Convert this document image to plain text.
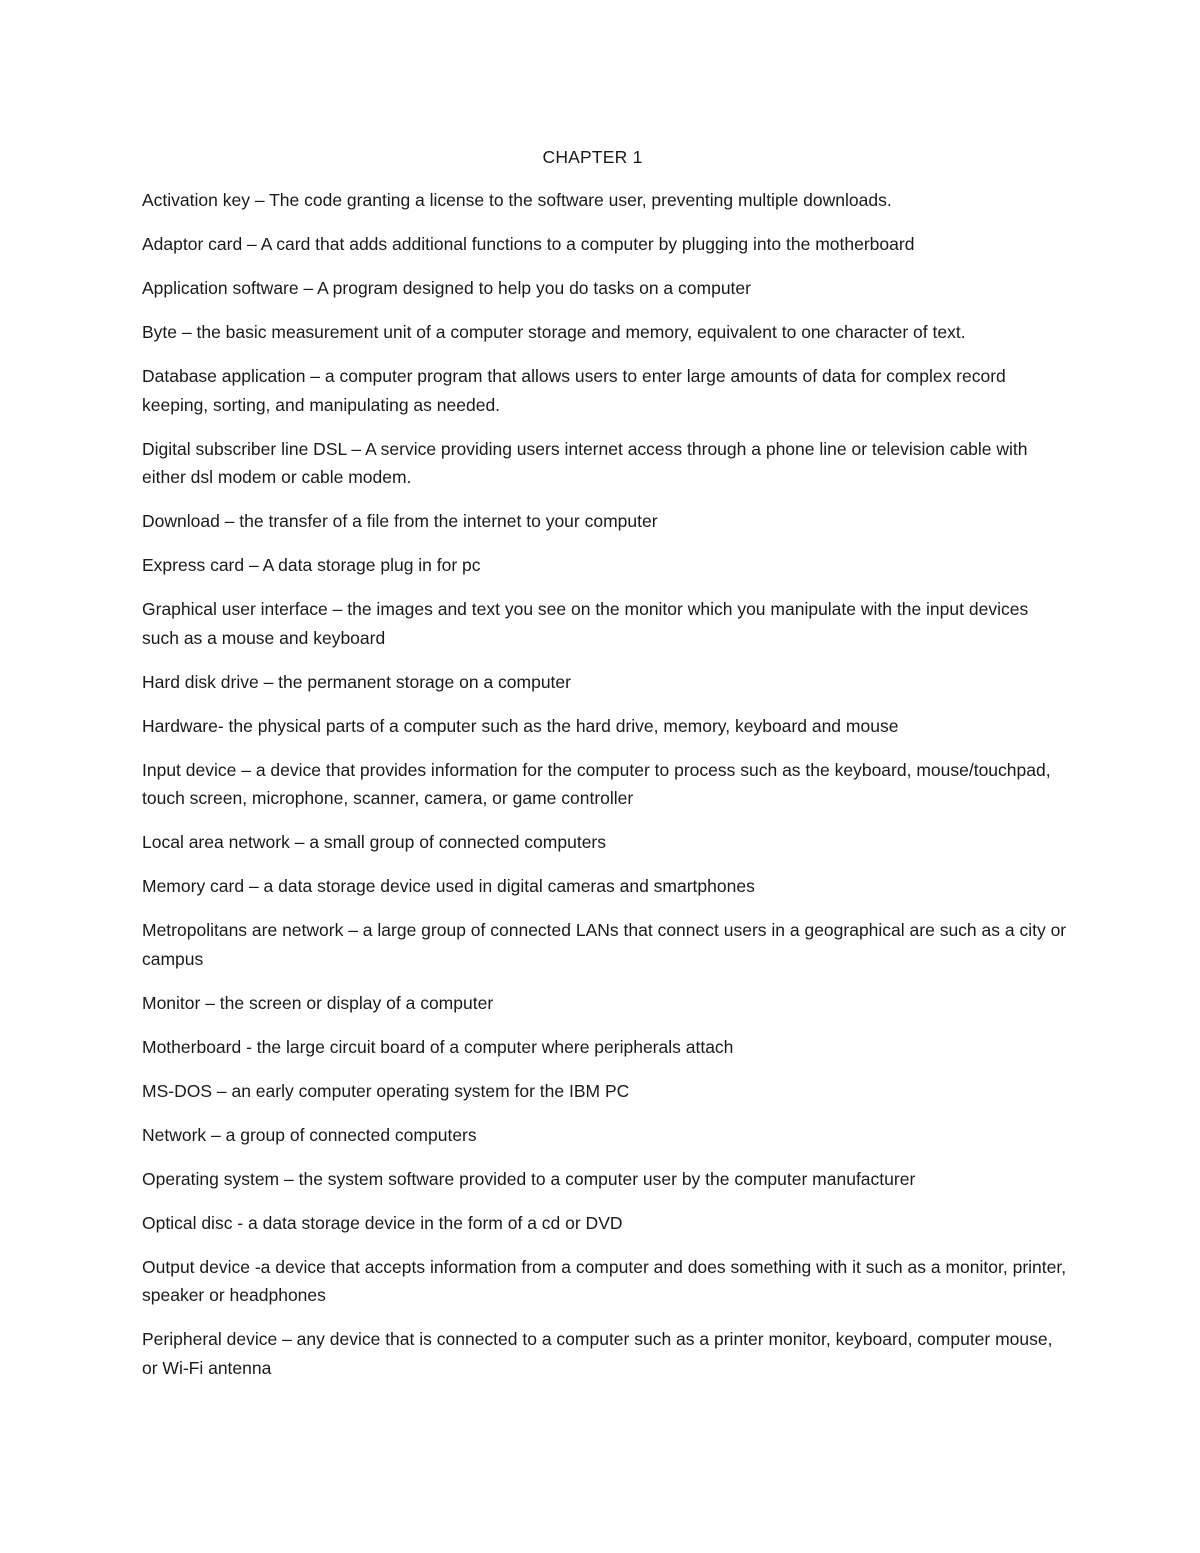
CHAPTER 1

Activation key – The code granting a license to the software user, preventing multiple downloads.

Adaptor card – A card that adds additional functions to a computer by plugging into the motherboard

Application software – A program designed to help you do tasks on a computer

Byte – the basic measurement unit of a computer storage and memory, equivalent to one character of text.

Database application – a computer program that allows users to enter large amounts of data for complex record keeping, sorting, and manipulating as needed.

Digital subscriber line DSL – A service providing users internet access through a phone line or television cable with either dsl modem or cable modem.

Download – the transfer of a file from the internet to your computer

Express card – A data storage plug in for pc

Graphical user interface – the images and text you see on the monitor which you manipulate with the input devices such as a mouse and keyboard

Hard disk drive – the permanent storage on a computer

Hardware- the physical parts of a computer such as the hard drive, memory, keyboard and mouse

Input device – a device that provides information for the computer to process such as the keyboard, mouse/touchpad, touch screen, microphone, scanner, camera, or game controller

Local area network – a small group of connected computers

Memory card – a data storage device used in digital cameras and smartphones

Metropolitans are network – a large group of connected LANs that connect users in a geographical are such as a city or campus

Monitor – the screen or display of a computer

Motherboard - the large circuit board of a computer where peripherals attach

MS-DOS – an early computer operating system for the IBM PC

Network – a group of connected computers

Operating system – the system software provided to a computer user by the computer manufacturer

Optical disc - a data storage device in the form of a cd or DVD

Output device -a device that accepts information from a computer and does something with it such as a monitor, printer, speaker or headphones

Peripheral device – any device that is connected to a computer such as a printer monitor, keyboard, computer mouse, or Wi-Fi antenna
